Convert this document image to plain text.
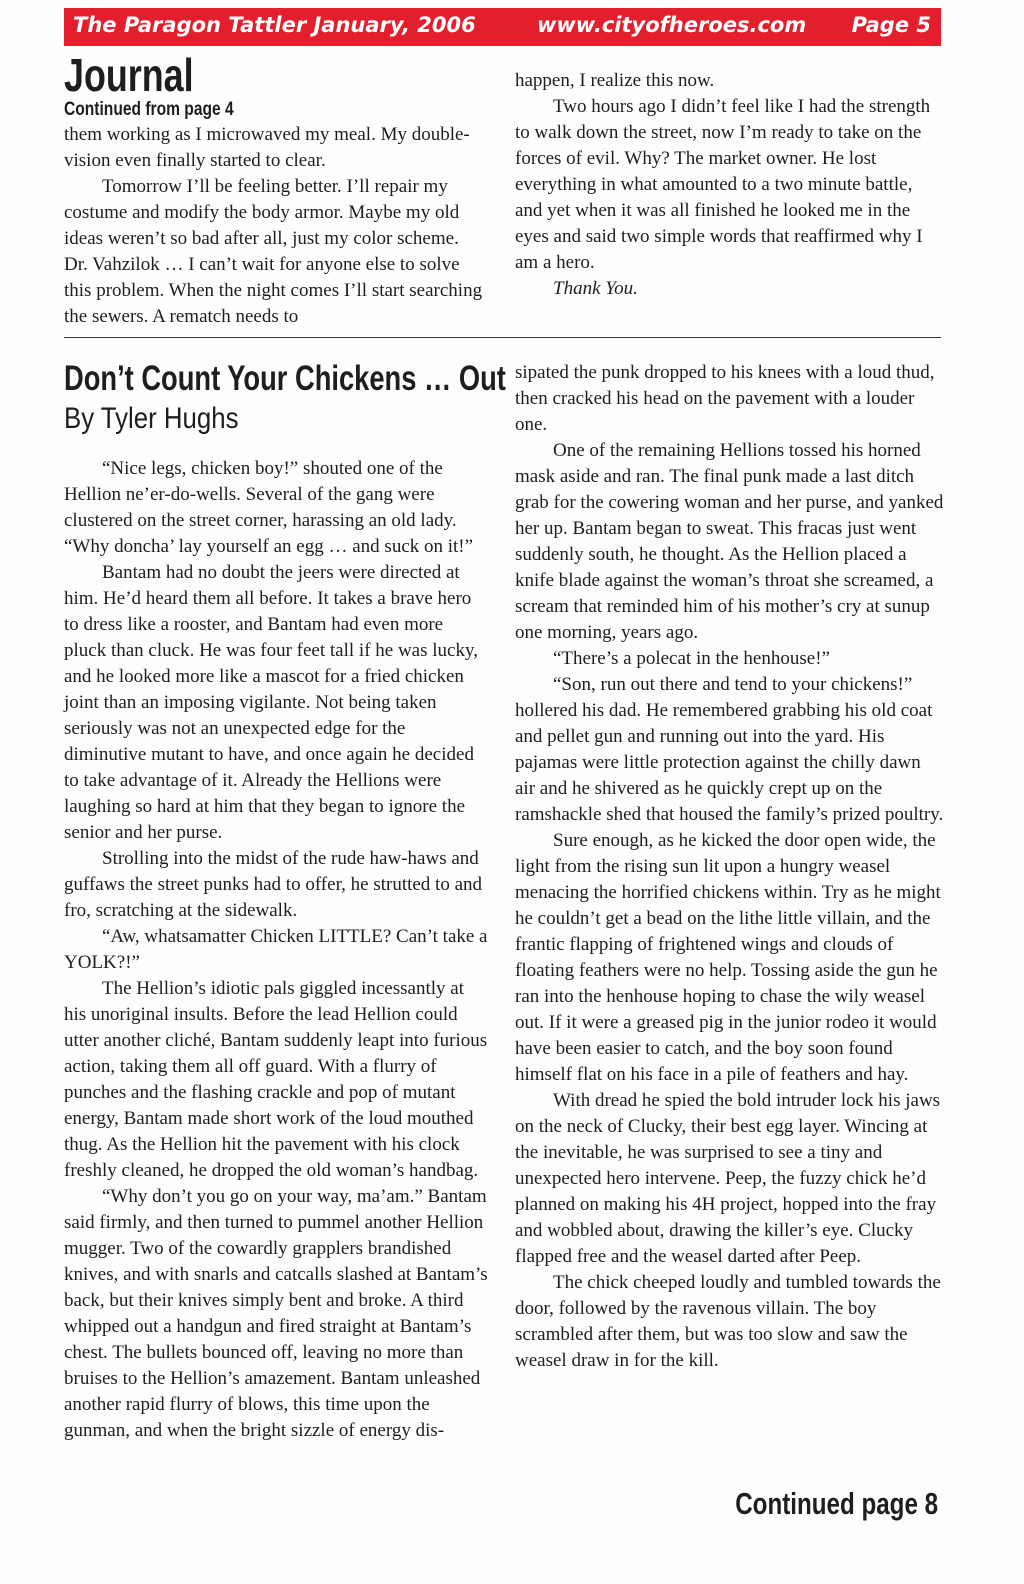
The Paragon Tattler January, 2006	www.cityofheroes.com Page 5
Journal
Continued from page 4

them working as I microwaved my meal. My double-vision even finally started to clear.

Tomorrow I’ll be feeling better. I’ll repair my costume and modify the body armor. Maybe my old ideas weren’t so bad after all, just my color scheme. Dr. Vahzilok … I can’t wait for anyone else to solve this problem. When the night comes I’ll start searching the sewers. A rematch needs to

happen, I realize this now.

Two hours ago I didn’t feel like I had the strength to walk down the street, now I’m ready to take on the forces of evil. Why? The market owner. He lost everything in what amounted to a two minute battle, and yet when it was all finished he looked me in the eyes and said two simple words that reaffirmed why I am a hero.

Thank You.

Don’t Count Your Chickens … Out
By Tyler Hughs

“Nice legs, chicken boy!” shouted one of the Hellion ne’er-do-wells. Several of the gang were clustered on the street corner, harassing an old lady. “Why doncha’ lay yourself an egg … and suck on it!”

Bantam had no doubt the jeers were directed at him. He’d heard them all before. It takes a brave hero to dress like a rooster, and Bantam had even more pluck than cluck. He was four feet tall if he was lucky, and he looked more like a mascot for a fried chicken joint than an imposing vigilante. Not being taken seriously was not an unexpected edge for the diminutive mutant to have, and once again he decided to take advantage of it. Already the Hellions were laughing so hard at him that they began to ignore the senior and her purse.

Strolling into the midst of the rude haw-haws and guffaws the street punks had to offer, he strutted to and fro, scratching at the sidewalk.

“Aw, whatsamatter Chicken LITTLE? Can’t take a YOLK?!”

The Hellion’s idiotic pals giggled incessantly at his unoriginal insults. Before the lead Hellion could utter another cliché, Bantam suddenly leapt into furious action, taking them all off guard. With a flurry of punches and the flashing crackle and pop of mutant energy, Bantam made short work of the loud mouthed thug. As the Hellion hit the pavement with his clock freshly cleaned, he dropped the old woman’s handbag.

“Why don’t you go on your way, ma’am.” Bantam said firmly, and then turned to pummel another Hellion mugger. Two of the cowardly grapplers brandished knives, and with snarls and catcalls slashed at Bantam’s back, but their knives simply bent and broke. A third whipped out a handgun and fired straight at Bantam’s chest. The bullets bounced off, leaving no more than bruises to the Hellion’s amazement. Bantam unleashed another rapid flurry of blows, this time upon the gunman, and when the bright sizzle of energy dis-

sipated the punk dropped to his knees with a loud thud, then cracked his head on the pavement with a louder one.

One of the remaining Hellions tossed his horned mask aside and ran. The final punk made a last ditch grab for the cowering woman and her purse, and yanked her up. Bantam began to sweat. This fracas just went suddenly south, he thought. As the Hellion placed a knife blade against the woman’s throat she screamed, a scream that reminded him of his mother’s cry at sunup one morning, years ago.

“There’s a polecat in the henhouse!”

“Son, run out there and tend to your chickens!” hollered his dad. He remembered grabbing his old coat and pellet gun and running out into the yard. His pajamas were little protection against the chilly dawn air and he shivered as he quickly crept up on the ramshackle shed that housed the family’s prized poultry.

Sure enough, as he kicked the door open wide, the light from the rising sun lit upon a hungry weasel menacing the horrified chickens within. Try as he might he couldn’t get a bead on the lithe little villain, and the frantic flapping of frightened wings and clouds of floating feathers were no help. Tossing aside the gun he ran into the henhouse hoping to chase the wily weasel out. If it were a greased pig in the junior rodeo it would have been easier to catch, and the boy soon found himself flat on his face in a pile of feathers and hay.

With dread he spied the bold intruder lock his jaws on the neck of Clucky, their best egg layer. Wincing at the inevitable, he was surprised to see a tiny and unexpected hero intervene. Peep, the fuzzy chick he’d planned on making his 4H project, hopped into the fray and wobbled about, drawing the killer’s eye. Clucky flapped free and the weasel darted after Peep.

The chick cheeped loudly and tumbled towards the door, followed by the ravenous villain. The boy scrambled after them, but was too slow and saw the weasel draw in for the kill.

Continued page 8
